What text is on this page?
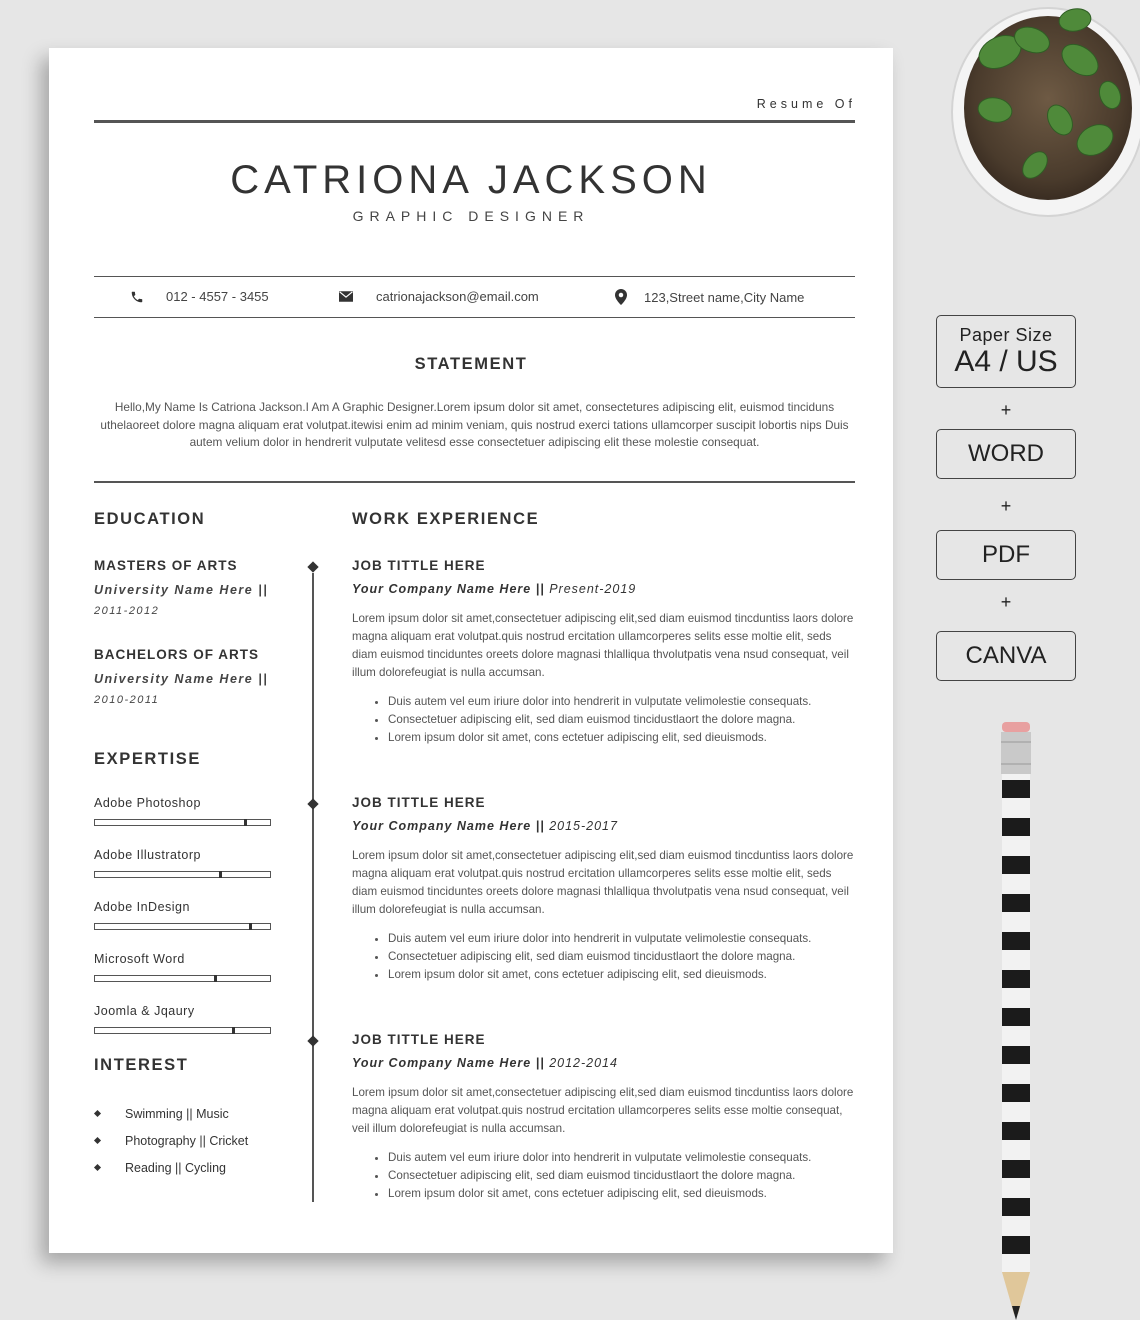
Paper Size
A4 / US
+
WORD
+
PDF
+
CANVA
Resume Of
CATRIONA JACKSON
GRAPHIC DESIGNER
012 - 4557 - 3455	catrionajackson@email.com	123,Street name,City Name
STATEMENT
Hello,My Name Is Catriona Jackson.I Am A Graphic Designer.Lorem ipsum dolor sit amet, consectetures adipiscing elit, euismod tinciduns uthelaoreet dolore magna aliquam erat volutpat.itewisi enim ad minim veniam, quis nostrud exerci tations ullamcorper suscipit lobortis nips Duis autem velium dolor in hendrerit vulputate velitesd esse consectetuer adipiscing elit these molestie consequat.
EDUCATION
MASTERS OF ARTS
University Name Here ||
2011-2012
BACHELORS OF ARTS
University Name Here ||
2010-2011
EXPERTISE
Adobe Photoshop
Adobe Illustratorp
Adobe InDesign
Microsoft Word
Joomla & Jqaury
INTEREST
Swimming || Music
Photography || Cricket
Reading || Cycling
WORK EXPERIENCE
JOB TITTLE HERE
Your Company Name Here || Present-2019
Lorem ipsum dolor sit amet,consectetuer adipiscing elit,sed diam euismod tincduntiss laors dolore magna aliquam erat volutpat.quis nostrud ercitation ullamcorperes selits esse moltie elit, seds diam euismod tinciduntes oreets dolore magnasi thlalliqua thvolutpatis vena nsud consequat, veil illum dolorefeugiat is nulla accumsan.
• Duis autem vel eum iriure dolor into hendrerit in vulputate velimolestie consequats.
• Consectetuer adipiscing elit, sed diam euismod tincidustlaort the dolore magna.
• Lorem ipsum dolor sit amet, cons ectetuer adipiscing elit, sed dieuismods.
JOB TITTLE HERE
Your Company Name Here || 2015-2017
Lorem ipsum dolor sit amet,consectetuer adipiscing elit,sed diam euismod tincduntiss laors dolore magna aliquam erat volutpat.quis nostrud ercitation ullamcorperes selits esse moltie elit, seds diam euismod tinciduntes oreets dolore magnasi thlalliqua thvolutpatis vena nsud consequat, veil illum dolorefeugiat is nulla accumsan.
• Duis autem vel eum iriure dolor into hendrerit in vulputate velimolestie consequats.
• Consectetuer adipiscing elit, sed diam euismod tincidustlaort the dolore magna.
• Lorem ipsum dolor sit amet, cons ectetuer adipiscing elit, sed dieuismods.
JOB TITTLE HERE
Your Company Name Here || 2012-2014
Lorem ipsum dolor sit amet,consectetuer adipiscing elit,sed diam euismod tincduntiss laors dolore magna aliquam erat volutpat.quis nostrud ercitation ullamcorperes selits esse moltie consequat, veil illum dolorefeugiat is nulla accumsan.
• Duis autem vel eum iriure dolor into hendrerit in vulputate velimolestie consequats.
• Consectetuer adipiscing elit, sed diam euismod tincidustlaort the dolore magna.
• Lorem ipsum dolor sit amet, cons ectetuer adipiscing elit, sed dieuismods.
